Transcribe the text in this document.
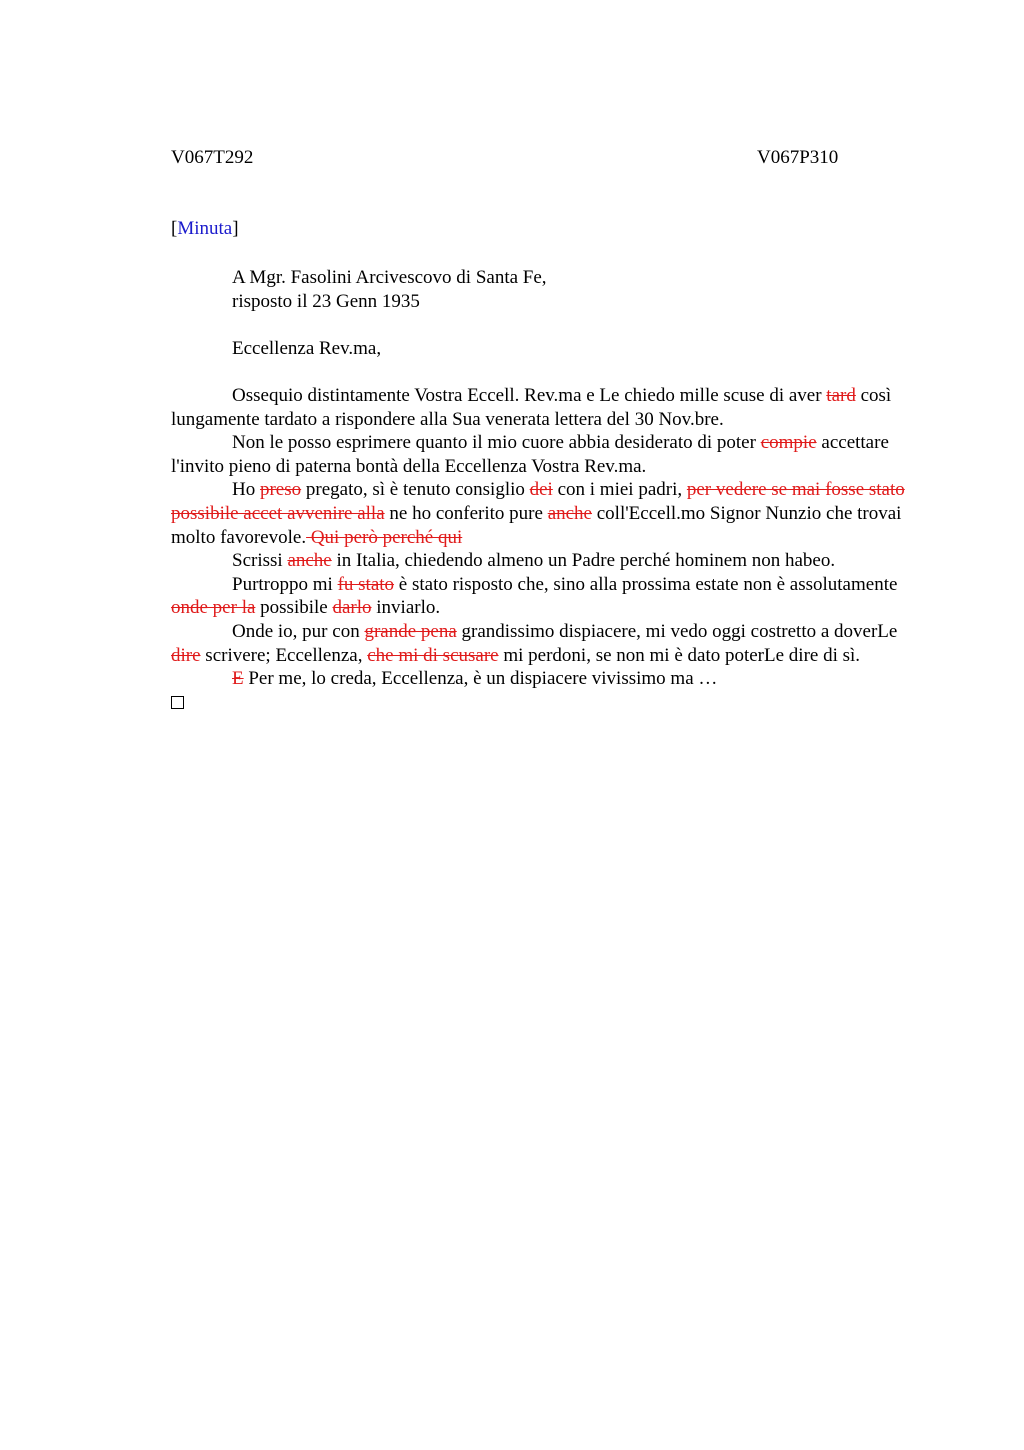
V067T292	V067P310
[Minuta]
A Mgr. Fasolini Arcivescovo di Santa Fe,
risposto il 23 Genn 1935
Eccellenza Rev.ma,

Ossequio distintamente Vostra Eccell. Rev.ma e Le chiedo mille scuse di aver tard così lungamente tardato a rispondere alla Sua venerata lettera del 30 Nov.bre.

Non le posso esprimere quanto il mio cuore abbia desiderato di poter compie accettare l'invito pieno di paterna bontà della Eccellenza Vostra Rev.ma.

Ho preso pregato, sì è tenuto consiglio dei con i miei padri, per vedere se mai fosse stato possibile accet avvenire alla ne ho conferito pure anche coll'Eccell.mo Signor Nunzio che trovai molto favorevole. Qui però perché qui

Scrissi anche in Italia, chiedendo almeno un Padre perché hominem non habeo.

Purtroppo mi fu stato è stato risposto che, sino alla prossima estate non è assolutamente onde per la possibile darlo inviarlo.

Onde io, pur con grande pena grandissimo dispiacere, mi vedo oggi costretto a doverLe dire scrivere; Eccellenza, che mi di scusare mi perdoni, se non mi è dato poterLe dire di sì.

E Per me, lo creda, Eccellenza, è un dispiacere vivissimo ma …
